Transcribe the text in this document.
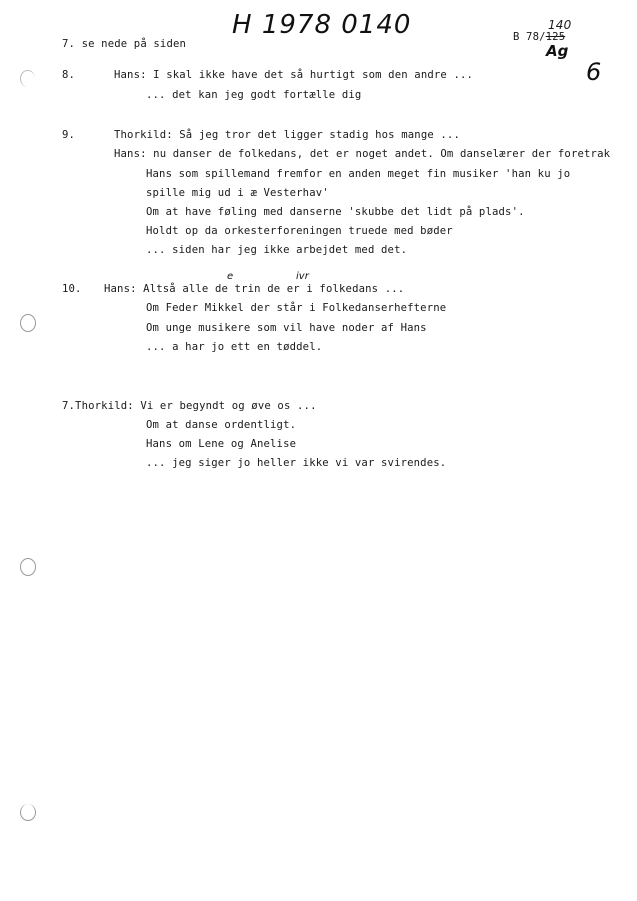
H 1978 0140	140
B 78/125
Ag
6
7. se nede på siden
8.	Hans: I skal ikke have det så hurtigt som den andre ...
... det kan jeg godt fortælle dig
9.	Thorkild: Så jeg tror det ligger stadig hos mange ...
Hans: nu danser de folkedans, det er noget andet. Om danselærer der foretrak
Hans som spillemand fremfor en anden meget fin musiker 'han ku jo
spille mig ud i æ Vesterhav'
Om at have føling med danserne 'skubbe det lidt på plads'.
Holdt op da orkesterforeningen truede med bøder
... siden har jeg ikke arbejdet med det.
10.
e	ivr
Hans: Altså alle de trin de er i folkedans ...
Om Feder Mikkel der står i Folkedanserhefterne
Om unge musikere som vil have noder af Hans
... a har jo ett en tøddel.
7.Thorkild: Vi er begyndt og øve os ...
Om at danse ordentligt.
Hans om Lene og Anelise
... jeg siger jo heller ikke vi var svirendes.
